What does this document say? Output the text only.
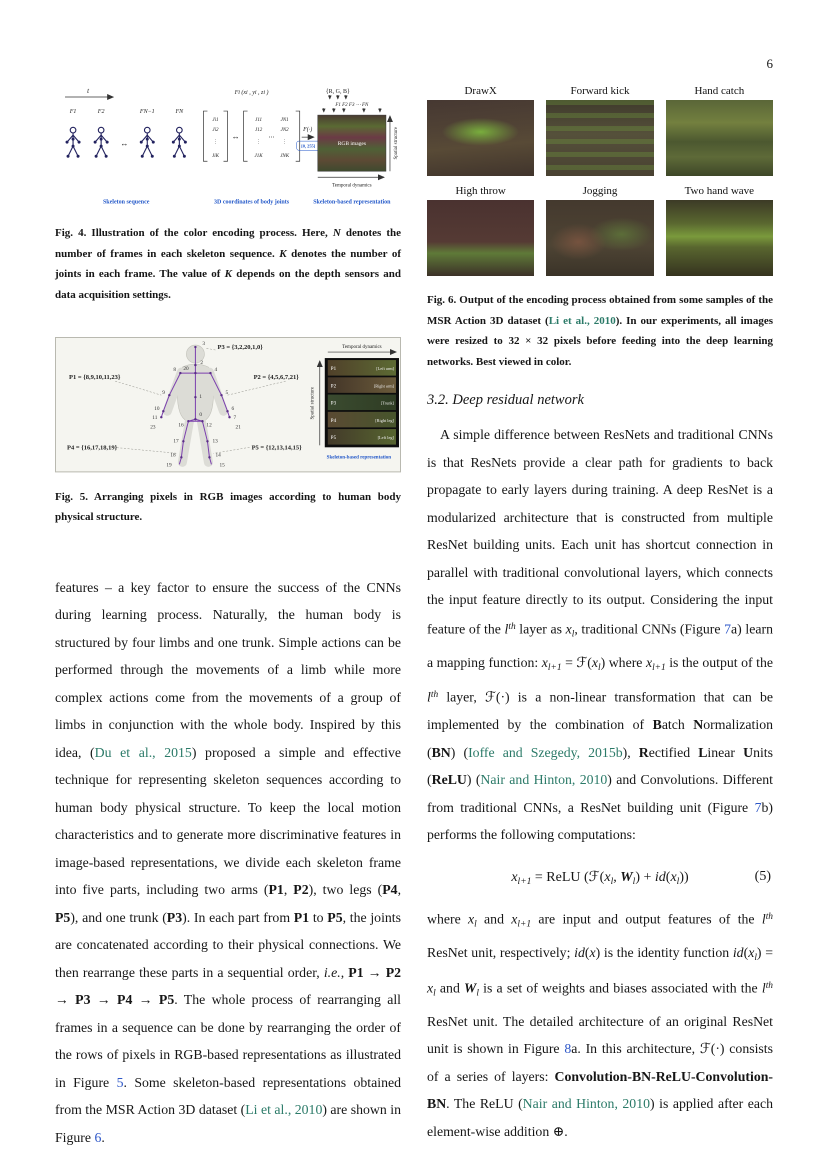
6
t
F1	F2	FN−1	FN
↔
Skeleton sequence
Fi (xi , yi , zi )
Ji1
Ji2
⋮
JiK
↔
J11
J12
⋮
J1K
⋯
JN1
JN2
⋮
JNK
3D coordinates of body joints
F(·)
[0, 255]
{R, G, B}
F1 F2 F3 ⋯ FN
RGB images
Temporal dynamics
Spatial structure
Skeleton-based representation
Fig. 4. Illustration of the color encoding process. Here, N denotes the number of frames in each skeleton sequence. K denotes the number of joints in each frame. The value of K depends on the depth sensors and data acquisition settings.
3
2
20
1
0
8
9
10
11
23
4
5
6
7
21
16
17
18
19
12
13
14
15
P3 = {3,2,20,1,0}
P1 = {8,9,10,11,23}	P2 = {4,5,6,7,21}
P4 = {16,17,18,19}	P5 = {12,13,14,15}
Temporal dynamics
Spatial structure
P1	[Left arm]
P2	[Right arm]
P3	[Trunk]
P4	[Right leg]
P5	[Left leg]
Skeleton-based representation
Fig. 5. Arranging pixels in RGB images according to human body physical structure.
features – a key factor to ensure the success of the CNNs during learning process. Naturally, the human body is structured by four limbs and one trunk. Simple actions can be performed through the movements of a limb while more complex actions come from the movements of a group of limbs in conjunction with the whole body. Inspired by this idea, (Du et al., 2015) proposed a simple and effective technique for representing skeleton sequences according to human body physical structure. To keep the local motion characteristics and to generate more discriminative features in image-based representations, we divide each skeleton frame into five parts, including two arms (P1, P2), two legs (P4, P5), and one trunk (P3). In each part from P1 to P5, the joints are concatenated according to their physical connections. We then rearrange these parts in a sequential order, i.e., P1 → P2 → P3 → P4 → P5. The whole process of rearranging all frames in a sequence can be done by rearranging the order of the rows of pixels in RGB-based representations as illustrated in Figure 5. Some skeleton-based representations obtained from the MSR Action 3D dataset (Li et al., 2010) are shown in Figure 6.
DrawX	Forward kick	Hand catch
High throw	Jogging	Two hand wave
Fig. 6. Output of the encoding process obtained from some samples of the MSR Action 3D dataset (Li et al., 2010). In our experiments, all images were resized to 32 × 32 pixels before feeding into the deep learning networks. Best viewed in color.
3.2. Deep residual network

A simple difference between ResNets and traditional CNNs is that ResNets provide a clear path for gradients to back propagate to early layers during training. A deep ResNet is a modularized architecture that is constructed from multiple ResNet building units. Each unit has shortcut connection in parallel with traditional convolutional layers, which connects the input feature directly to its output. Considering the input feature of the $l^{th}$ layer as $x_l$, traditional CNNs (Figure 7a) learn a mapping function: $x_{l+1}$ = $ℱ(x_l)$ where $x_{l+1}$ is the output of the $l^{th}$ layer, ℱ(·) is a non-linear transformation that can be implemented by the combination of Batch Normalization (BN) (Ioffe and Szegedy, 2015b), Rectified Linear Units (ReLU) (Nair and Hinton, 2010) and Convolutions. Different from traditional CNNs, a ResNet building unit (Figure 7b) performs the following computations:

$x_{l+1}$ = ReLU ($ℱ(x_l$, $W_l) + id(x_l)$)	(5)

where $x_l$ and $x_{l+1}$ are input and output features of the $l^{th}$ ResNet unit, respectively; id(x) is the identity function $id(x_l) = x_l$ and $W_l$ is a set of weights and biases associated with the $l^{th}$ ResNet unit. The detailed architecture of an original ResNet unit is shown in Figure 8a. In this architecture, ℱ(·) consists of a series of layers: Convolution-BN-ReLU-Convolution-BN. The ReLU (Nair and Hinton, 2010) is applied after each element-wise addition ⊕.
